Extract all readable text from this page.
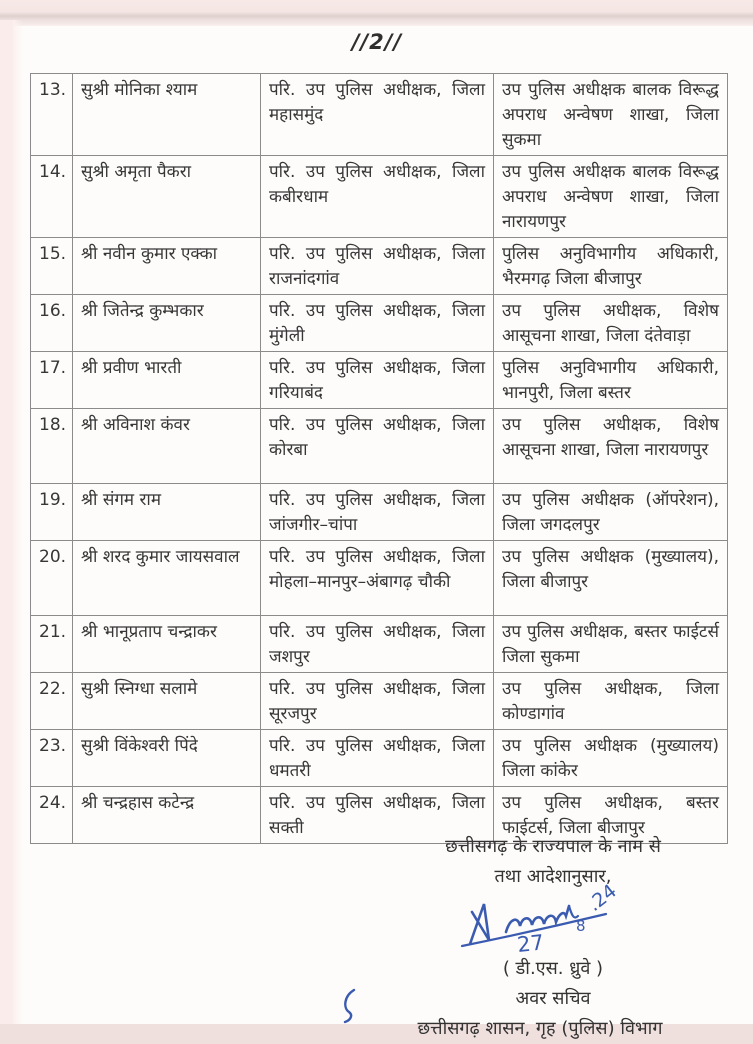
//2//
13.	सुश्री मोनिका श्याम	परि. उप पुलिस अधीक्षक, जिला महासमुंद	उप पुलिस अधीक्षक बालक विरूद्ध अपराध अन्वेषण शाखा, जिला सुकमा
14.	सुश्री अमृता पैकरा	परि. उप पुलिस अधीक्षक, जिला कबीरधाम	उप पुलिस अधीक्षक बालक विरूद्ध अपराध अन्वेषण शाखा, जिला नारायणपुर
15.	श्री नवीन कुमार एक्का	परि. उप पुलिस अधीक्षक, जिला राजनांदगांव	पुलिस अनुविभागीय अधिकारी, भैरमगढ़ जिला बीजापुर
16.	श्री जितेन्द्र कुम्भकार	परि. उप पुलिस अधीक्षक, जिला मुंगेली	उप पुलिस अधीक्षक, विशेष आसूचना शाखा, जिला दंतेवाड़ा
17.	श्री प्रवीण भारती	परि. उप पुलिस अधीक्षक, जिला गरियाबंद	पुलिस अनुविभागीय अधिकारी, भानपुरी, जिला बस्तर
18.	श्री अविनाश कंवर	परि. उप पुलिस अधीक्षक, जिला कोरबा	उप पुलिस अधीक्षक, विशेष आसूचना शाखा, जिला नारायणपुर
19.	श्री संगम राम	परि. उप पुलिस अधीक्षक, जिला जांजगीर–चांपा	उप पुलिस अधीक्षक (ऑपरेशन), जिला जगदलपुर
20.	श्री शरद कुमार जायसवाल	परि. उप पुलिस अधीक्षक, जिला मोहला–मानपुर–अंबागढ़ चौकी	उप पुलिस अधीक्षक (मुख्यालय), जिला बीजापुर
21.	श्री भानूप्रताप चन्द्राकर	परि. उप पुलिस अधीक्षक, जिला जशपुर	उप पुलिस अधीक्षक, बस्तर फाईटर्स जिला सुकमा
22.	सुश्री स्निग्धा सलामे	परि. उप पुलिस अधीक्षक, जिला सूरजपुर	उप पुलिस अधीक्षक, जिला कोण्डागांव
23.	सुश्री विंकेश्वरी पिंदे	परि. उप पुलिस अधीक्षक, जिला धमतरी	उप पुलिस अधीक्षक (मुख्यालय) जिला कांकेर
24.	श्री चन्द्रहास कटेन्द्र	परि. उप पुलिस अधीक्षक, जिला सक्ती	उप पुलिस अधीक्षक, बस्तर फाईटर्स, जिला बीजापुर
छत्तीसगढ़ के राज्यपाल के नाम से
तथा आदेशानुसार,
27
8
.24
( डी.एस. ध्रुवे )
अवर सचिव
छत्तीसगढ़ शासन, गृह (पुलिस) विभाग
